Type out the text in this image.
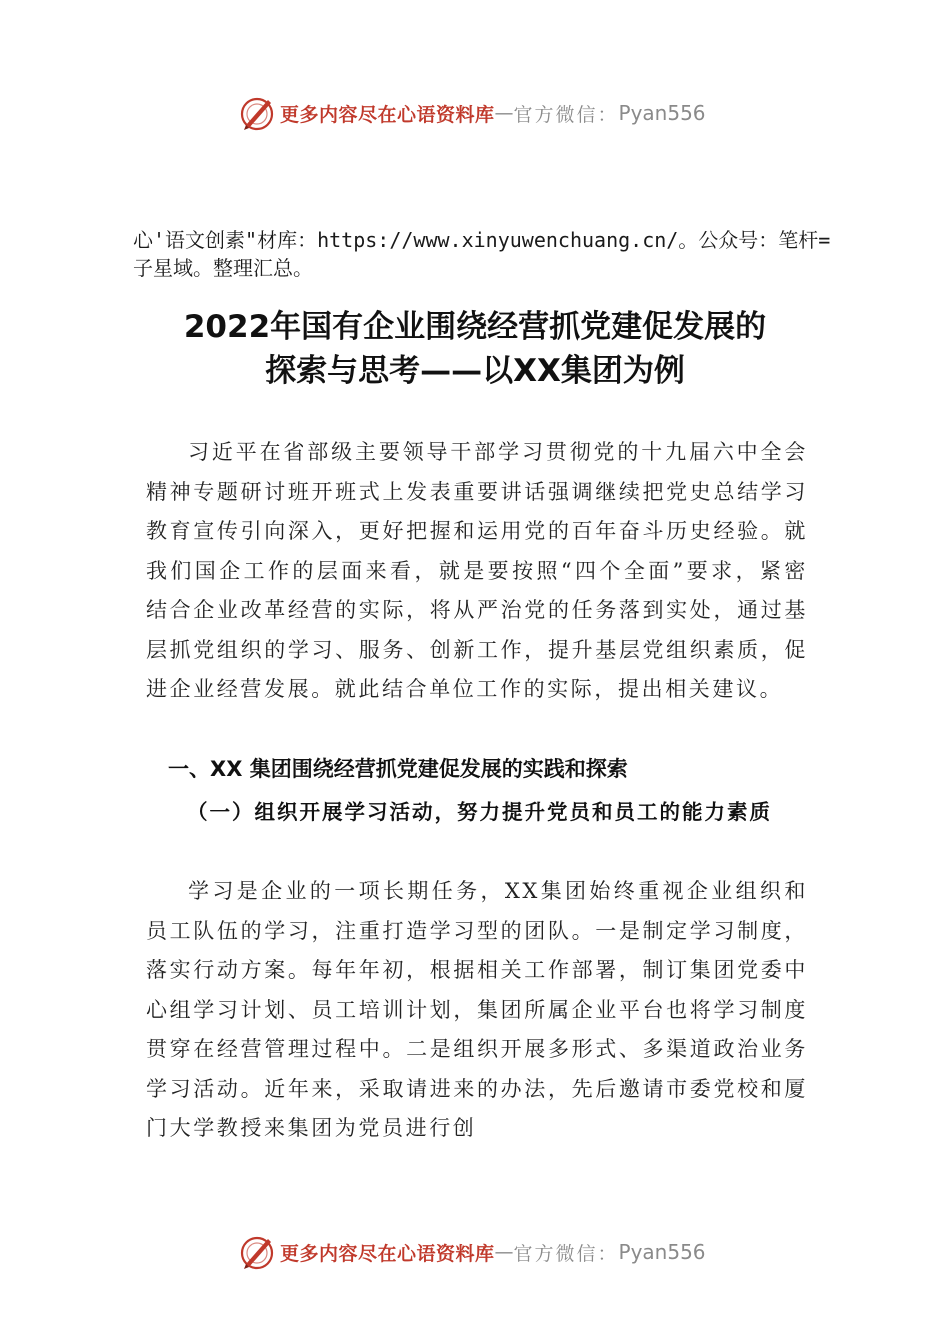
更多内容尽在心语资料库 — 官方微信： Pyan556
心'语文创素"材库：https://www.xinyuwenchuang.cn/。公众号：笔杆=子星域。整理汇总。
2022年国有企业围绕经营抓党建促发展的
探索与思考——以XX集团为例

习近平在省部级主要领导干部学习贯彻党的十九届六中全会精神专题研讨班开班式上发表重要讲话强调继续把党史总结学习教育宣传引向深入，更好把握和运用党的百年奋斗历史经验。就我们国企工作的层面来看，就是要按照“四个全面”要求，紧密结合企业改革经营的实际，将从严治党的任务落到实处，通过基层抓党组织的学习、服务、创新工作，提升基层党组织素质，促进企业经营发展。就此结合单位工作的实际，提出相关建议。

一、XX 集团围绕经营抓党建促发展的实践和探索

（一）组织开展学习活动，努力提升党员和员工的能力素质

学习是企业的一项长期任务，XX集团始终重视企业组织和员工队伍的学习，注重打造学习型的团队。一是制定学习制度，落实行动方案。每年年初，根据相关工作部署，制订集团党委中心组学习计划、员工培训计划，集团所属企业平台也将学习制度贯穿在经营管理过程中。二是组织开展多形式、多渠道政治业务学习活动。近年来，采取请进来的办法，先后邀请市委党校和厦门大学教授来集团为党员进行创

更多内容尽在心语资料库 — 官方微信： Pyan556
